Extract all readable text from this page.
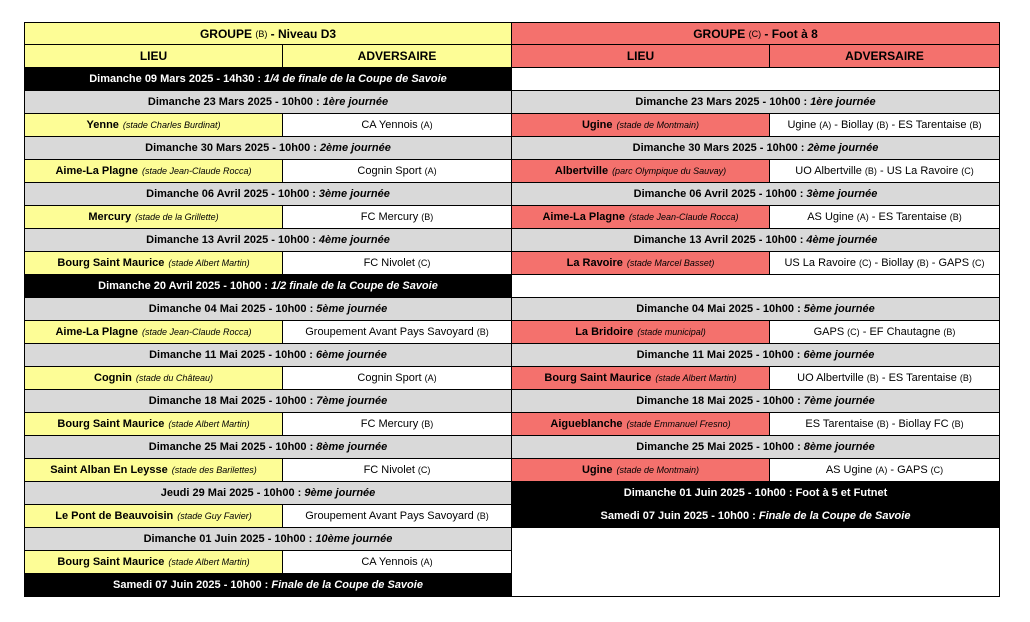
GROUPE
(B)
- Niveau D3
LIEU	ADVERSAIRE
Dimanche 09 Mars 2025 - 14h30 : 1/4 de finale de la Coupe de Savoie
Dimanche 23 Mars 2025 - 10h00 : 1ère journée
Yenne (stade Charles Burdinat)	CA Yennois (A)
Dimanche 30 Mars 2025 - 10h00 : 2ème journée
Aime-La Plagne (stade Jean-Claude Rocca)	Cognin Sport (A)
Dimanche 06 Avril 2025 - 10h00 : 3ème journée
Mercury (stade de la Grillette)	FC Mercury (B)
Dimanche 13 Avril 2025 - 10h00 : 4ème journée
Bourg Saint Maurice (stade Albert Martin)	FC Nivolet (C)
Dimanche 20 Avril 2025 - 10h00 : 1/2 finale de la Coupe de Savoie
Dimanche 04 Mai 2025 - 10h00 : 5ème journée
Aime-La Plagne (stade Jean-Claude Rocca)	Groupement Avant Pays Savoyard (B)
Dimanche 11 Mai 2025 - 10h00 : 6ème journée
Cognin (stade du Château)	Cognin Sport (A)
Dimanche 18 Mai 2025 - 10h00 : 7ème journée
Bourg Saint Maurice (stade Albert Martin)	FC Mercury (B)
Dimanche 25 Mai 2025 - 10h00 : 8ème journée
Saint Alban En Leysse (stade des Barilettes)	FC Nivolet (C)
Jeudi 29 Mai 2025 - 10h00 : 9ème journée
Le Pont de Beauvoisin (stade Guy Favier)	Groupement Avant Pays Savoyard (B)
Dimanche 01 Juin 2025 - 10h00 : 10ème journée
Bourg Saint Maurice (stade Albert Martin)	CA Yennois (A)
Samedi 07 Juin 2025 - 10h00 : Finale de la Coupe de Savoie
GROUPE
(C)
- Foot à 8
LIEU	ADVERSAIRE
Dimanche 23 Mars 2025 - 10h00 : 1ère journée
Ugine (stade de Montmain)	Ugine (A) - Biollay (B) - ES Tarentaise (B)
Dimanche 30 Mars 2025 - 10h00 : 2ème journée
Albertville (parc Olympique du Sauvay)	UO Albertville (B) - US La Ravoire (C)
Dimanche 06 Avril 2025 - 10h00 : 3ème journée
Aime-La Plagne (stade Jean-Claude Rocca)	AS Ugine (A) - ES Tarentaise (B)
Dimanche 13 Avril 2025 - 10h00 : 4ème journée
La Ravoire (stade Marcel Basset)	US La Ravoire (C) - Biollay (B) - GAPS (C)
Dimanche 04 Mai 2025 - 10h00 : 5ème journée
La Bridoire (stade municipal)	GAPS (C) - EF Chautagne (B)
Dimanche 11 Mai 2025 - 10h00 : 6ème journée
Bourg Saint Maurice (stade Albert Martin)	UO Albertville (B) - ES Tarentaise (B)
Dimanche 18 Mai 2025 - 10h00 : 7ème journée
Aigueblanche (stade Emmanuel Fresno)	ES Tarentaise (B) - Biollay FC (B)
Dimanche 25 Mai 2025 - 10h00 : 8ème journée
Ugine (stade de Montmain)	AS Ugine (A) - GAPS (C)
Dimanche 01 Juin 2025 - 10h00 : Foot à 5 et Futnet
Samedi 07 Juin 2025 - 10h00 : Finale de la Coupe de Savoie
